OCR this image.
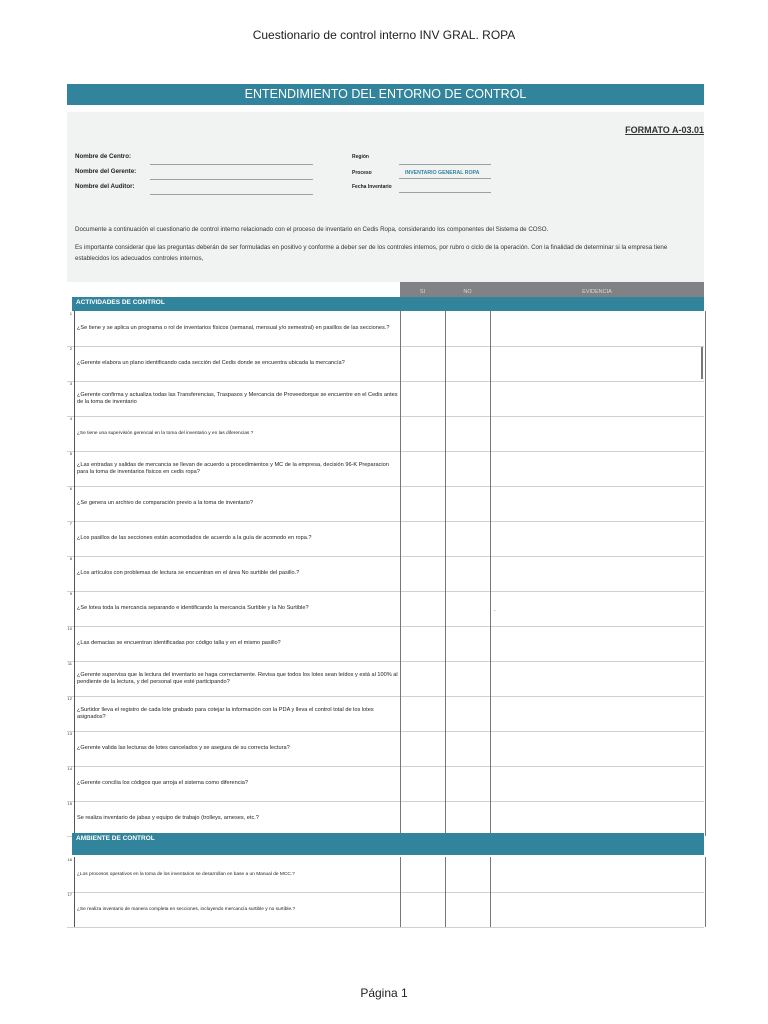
Cuestionario de control interno INV GRAL. ROPA
ENTENDIMIENTO DEL ENTORNO DE CONTROL
FORMATO A-03.01
Nombre de Centro:
Nombre del Gerente:
Nombre del Auditor:
Región
Proceso	INVENTARIO GENERAL ROPA
Fecha Inventario
Documente a continuación el cuestionario de control interno relacionado con el proceso de inventario en Cedis Ropa, considerando los componentes del Sistema de COSO.
Es importante considerar que las preguntas deberán de ser formuladas en positivo y conforme a deber ser de los controles internos, por rubro o ciclo de la operación. Con la finalidad de determinar si la empresa tiene establecidos los adecuados controles internos,
SI	NO	EVIDENCIA
ACTIVIDADES DE CONTROL
1
¿Se tiene y se aplica un programa o rol de inventarios físicos (semanal, mensual y/o semestral) en pasillos de las secciones.?
2
¿Gerente elabora un plano identificando cada sección del Cedis donde se encuentra ubicada la mercancía?
3
¿Gerente confirma y actualiza todas las Transferencias, Traspasos y Mercancia de Proveedorque se encuentre en el Cedis antes de la toma de inventario
4
¿Se tiene una supervisión gerencial en la toma del inventario y en las diferencias ?
5
¿Las entradas y salidas de mercancia se llevan de acuerdo a procedimientos y MC de la empresa, decisión 96-K Preparacion para la toma de inventarios fisicos en cedis ropa?
6
¿Se genera un archivo de comparación previo a la toma de inventario?
7
¿Los pasillos de las secciones están acomodados de acuerdo a la guía de acomodo en ropa.?
8
¿Los artículos con problemas de lectura se encuentran en el área No surtible del pasillo.?
9
¿Se lotea toda la mercancia separando e identificando la mercancia Surtible y la No Surtible?	.
10
¿Las demacias se encuentran identificadas por código talla y en el mismo pasillo?
11
¿Gerente supervisa que la lectura del inventario se haga correctamente. Revisa que todos los lotes sean leídos y está al 100% al pendiente de la lectura, y del personal que esté participando?
12
¿Surtidor lleva el registro de cada lote grabado para cotejar la información con la PDA y lleva el control total de los lotes asignados?
13
¿Gerente valida las lecturas de lotes cancelados y se asegura de su correcta lectura?
14
¿Gerente concilia los códigos que arroja el sistema como diferencia?
15
Se realiza inventario de jabas y equipo de trabajo (trolleys, arneses, etc.?
AMBIENTE DE CONTROL
16
¿Los procesos operativos en la toma de los inventarios se desarrollan en base a un Manual de MCC.?
17
¿Se realiza inventario de manera completa en secciones, incluyendo mercancía surtible y no surtible.?
Página 1
